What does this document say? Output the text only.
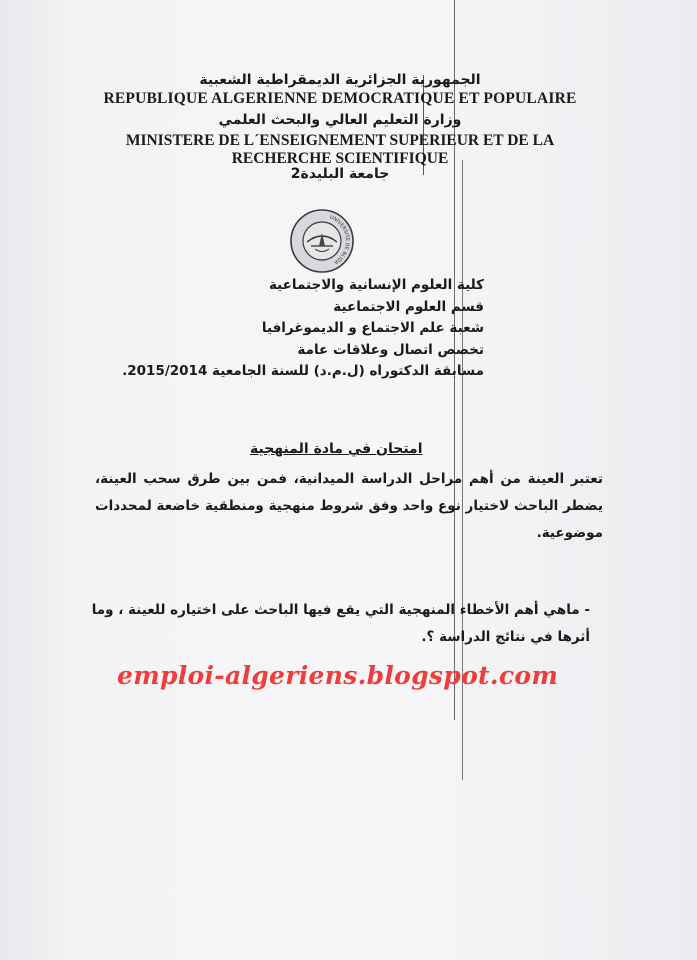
الجمهورية الجزائرية الديمقراطية الشعبية
REPUBLIQUE ALGERIENNE DEMOCRATIQUE ET POPULAIRE
وزارة التعليم العالي والبحث العلمي
MINISTERE DE L´ENSEIGNEMENT SUPERIEUR ET DE LA
RECHERCHE SCIENTIFIQUE
جامعة البليدة2
UNIVERSITE DE BLIDA
كلية العلوم الإنسانية والاجتماعية
قسم العلوم الاجتماعية
شعبة علم الاجتماع و الديموغرافيا
تخصص اتصال وعلاقات عامة
مسابقة الدكتوراه (ل.م.د) للسنة الجامعية 2015/2014.
امتحان في مادة المنهجية
تعتبر العينة من أهم مراحل الدراسة الميدانية، فمن بين طرق سحب العينة، يضطر الباحث لاختيار نوع واحد وفق شروط منهجية ومنطقية خاضعة لمحددات موضوعية.
- ماهي أهم الأخطاء المنهجية التي يقع فيها الباحث على اختياره للعينة ، وما أثرها في نتائج الدراسة ؟.
emploi-algeriens.blogspot.com
